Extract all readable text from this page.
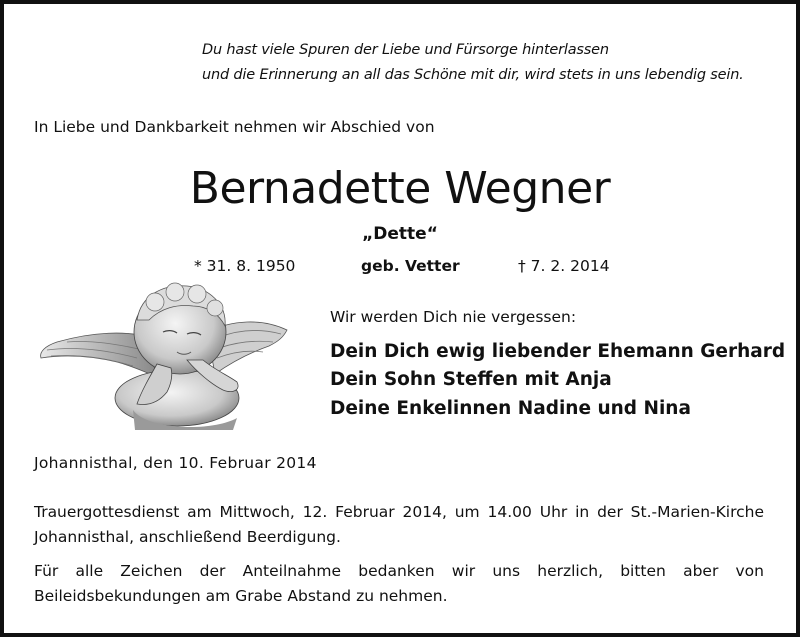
Du hast viele Spuren der Liebe und Fürsorge hinterlassen
und die Erinnerung an all das Schöne mit dir, wird stets in uns lebendig sein.
In Liebe und Dankbarkeit nehmen wir Abschied von
Bernadette Wegner
„Dette“
* 31. 8. 1950	geb. Vetter	† 7. 2. 2014
Wir werden Dich nie vergessen:
Dein Dich ewig liebender Ehemann Gerhard
Dein Sohn Steffen mit Anja
Deine Enkelinnen Nadine und Nina
Johannisthal, den 10. Februar 2014
Trauergottesdienst am Mittwoch, 12. Februar 2014, um 14.00 Uhr in der St.-Marien-Kirche Johannisthal, anschließend Beerdigung.
Für alle Zeichen der Anteilnahme bedanken wir uns herzlich, bitten aber von Beileidsbekundungen am Grabe Abstand zu nehmen.
